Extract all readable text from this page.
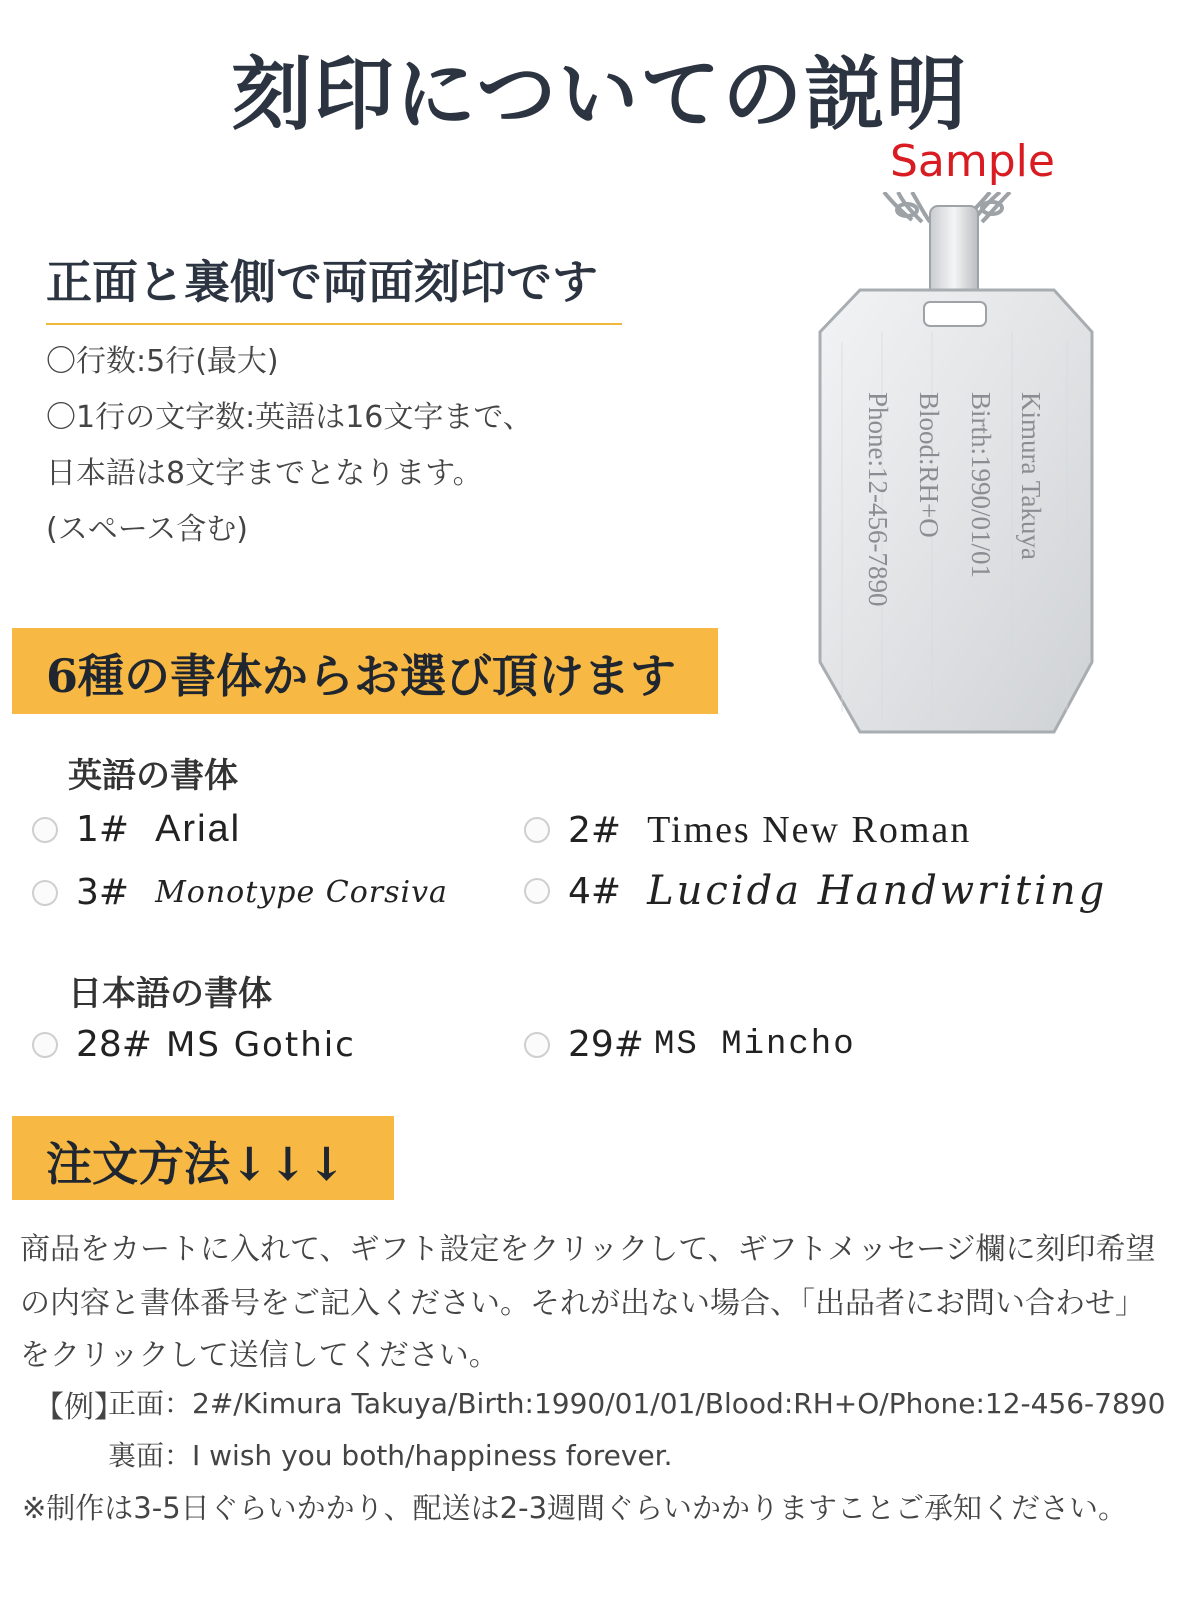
刻印についての説明
Sample
Kimura Takuya
Birth:1990/01/01
Blood:RH+O
Phone:12-456-7890
正面と裏側で両面刻印です
〇行数:5行(最大)
〇1行の文字数:英語は16文字まで、
日本語は8文字までとなります。
(スペース含む)
6種の書体からお選び頂けます
英語の書体
1# Arial	2# Times New Roman
3# Monotype Corsiva	4# Lucida Handwriting
日本語の書体
28# MS Gothic	29# MS Mincho
注文方法↓↓↓
商品をカートに入れて、ギフト設定をクリックして、ギフトメッセージ欄に刻印希望
の内容と書体番号をご記入ください。それが出ない場合、「出品者にお問い合わせ」
をクリックして送信してください。
【例】
正面：2#/Kimura Takuya/Birth:1990/01/01/Blood:RH+O/Phone:12-456-7890
裏面：I wish you both/happiness forever.
※制作は3-5日ぐらいかかり、配送は2-3週間ぐらいかかりますことご承知ください。
